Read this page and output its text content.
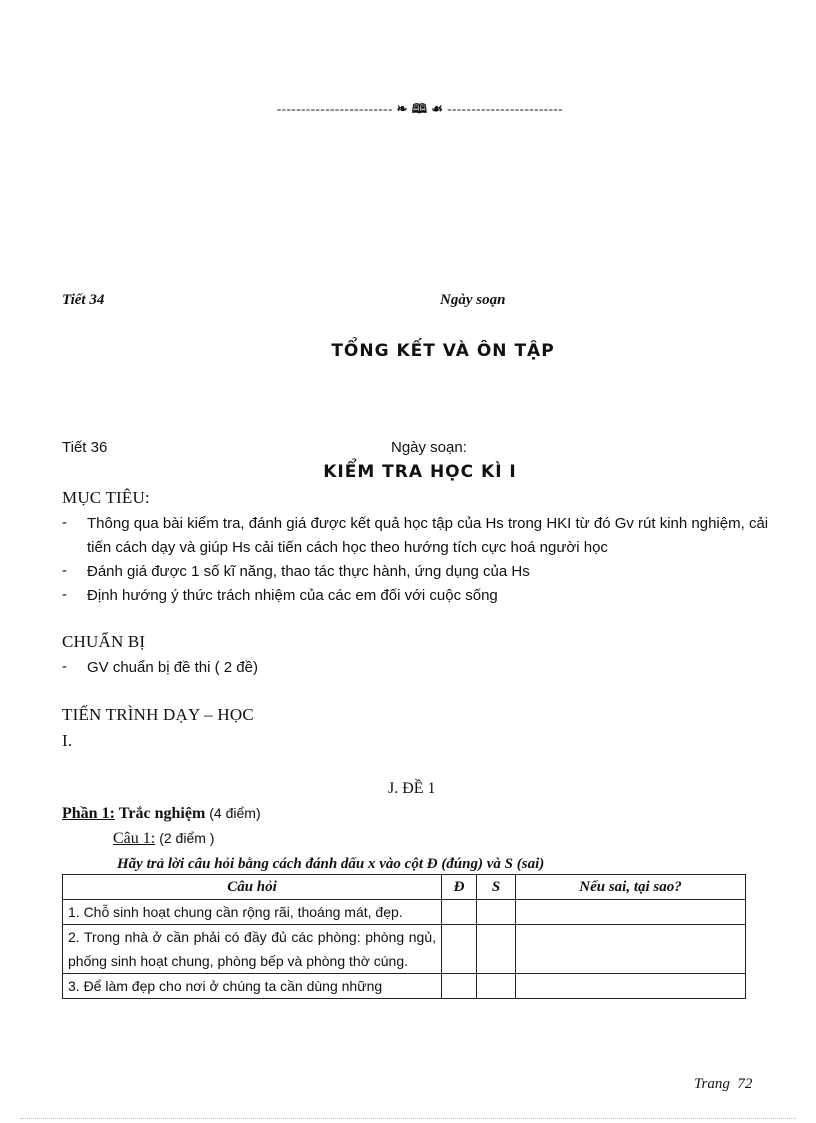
------------------------ ❧ 🕮 ☙ ------------------------
Tiết 34	Ngày soạn
TỔNG KẾT VÀ ÔN TẬP
Tiết 36	Ngày soạn:
KIỂM TRA HỌC KÌ I
MỤC TIÊU:
- Thông qua bài kiểm tra, đánh giá được kết quả học tập của Hs trong HKI từ đó Gv rút kinh nghiệm, cải tiến cách dạy và giúp Hs cải tiến cách học theo hướng tích cực hoá người học
- Đánh giá được 1 số kĩ năng, thao tác thực hành, ứng dụng của Hs
- Định hướng ý thức trách nhiệm của các em đối với cuộc sống
CHUẨN BỊ
- GV chuẩn bị đề thi ( 2 đề)
TIẾN TRÌNH DẠY – HỌC
I.
J. ĐỀ 1
Phần 1: Trắc nghiệm (4 điểm)
Câu 1: (2 điểm )
Hãy trả lời câu hỏi bằng cách đánh dấu x vào cột Đ (đúng) và S (sai)
Câu hỏi	Đ	S	Nếu sai, tại sao?

1. Chỗ sinh hoạt chung cần rộng rãi, thoáng mát, đẹp.			

2. Trong nhà ở cần phải có đầy đủ các phòng: phòng ngủ, phống sinh hoạt chung, phòng bếp và phòng thờ cúng.			

3. Để làm đẹp cho nơi ở chúng ta cần dùng những			

Trang 72
